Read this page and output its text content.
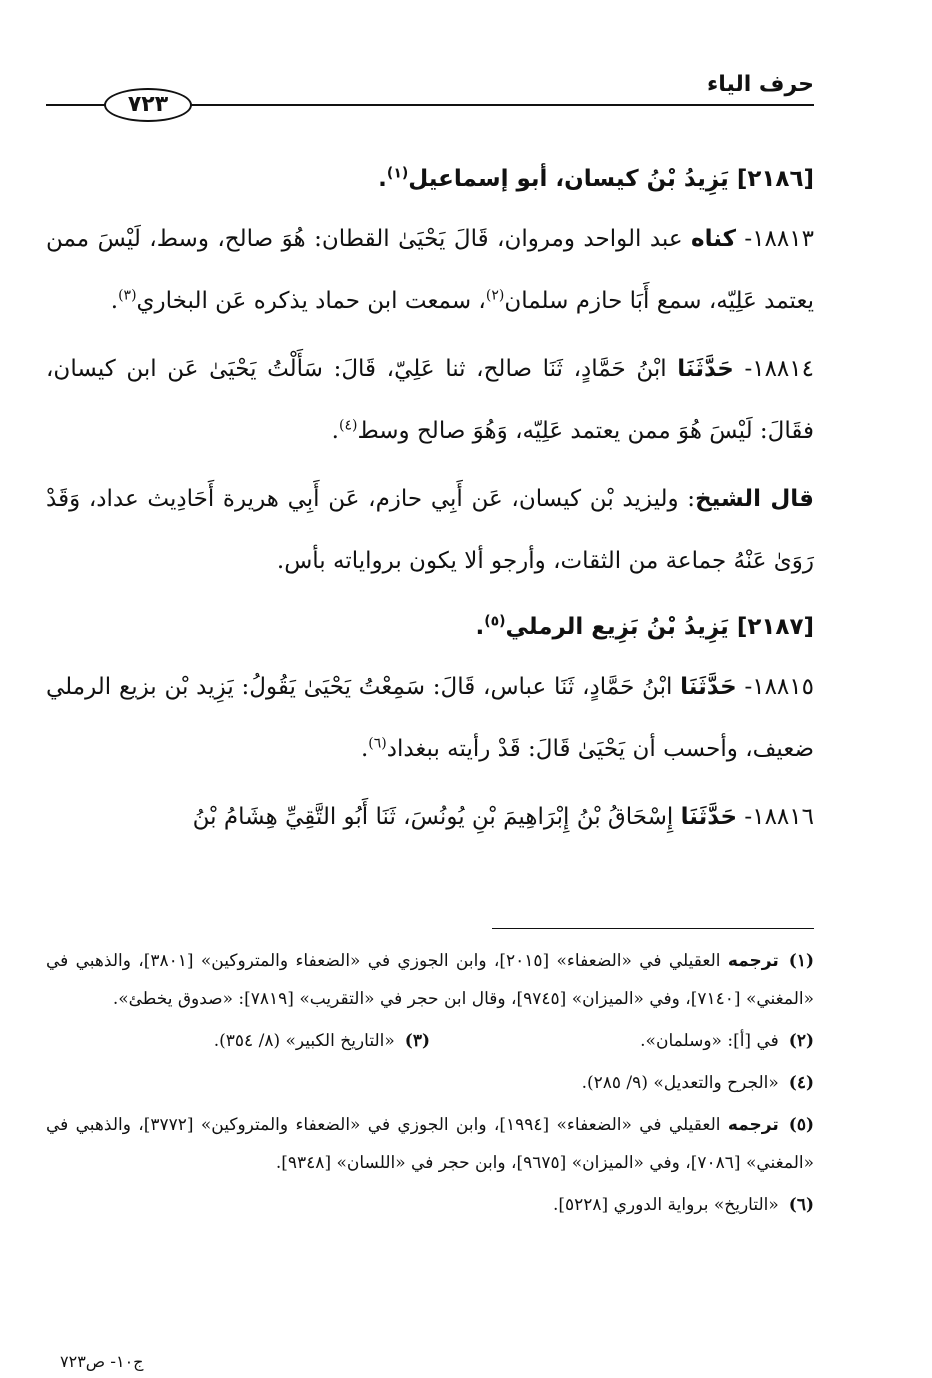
حرف الياء
٧٢٣

[٢١٨٦] يَزِيدُ بْنُ كيسان، أبو إسماعيل$^{(١)}$.

١٨٨١٣- كناه عبد الواحد ومروان، قَالَ يَحْيَىٰ القطان: هُوَ صالح، وسط، لَيْسَ ممن يعتمد عَلِيّه، سمع أَبَا حازم سلمان$^{(٢)}$، سمعت ابن حماد يذكره عَن البخاري$^{(٣)}$.

١٨٨١٤- حَدَّثَنَا ابْنُ حَمَّادٍ، ثَنَا صالح، ثنا عَلِيّ، قَالَ: سَأَلْتُ يَحْيَىٰ عَن ابن كيسان، فقَالَ: لَيْسَ هُوَ ممن يعتمد عَلِيّه، وَهُوَ صالح وسط$^{(٤)}$.

قال الشيخ: وليزيد بْن كيسان، عَن أَبِي حازم، عَن أَبِي هريرة أَحَادِيث عداد، وَقَدْ رَوَىٰ عَنْهُ جماعة من الثقات، وأرجو ألا يكون برواياته بأس.

[٢١٨٧] يَزِيدُ بْنُ بَزِيع الرملي$^{(٥)}$.

١٨٨١٥- حَدَّثَنَا ابْنُ حَمَّادٍ، ثَنَا عباس، قَالَ: سَمِعْتُ يَحْيَىٰ يَقُولُ: يَزِيد بْن بزيع الرملي ضعيف، وأحسب أن يَحْيَىٰ قَالَ: قَدْ رأيته ببغداد$^{(٦)}$.

١٨٨١٦- حَدَّثَنَا إِسْحَاقُ بْنُ إِبْرَاهِيمَ بْنِ يُونُسَ، ثَنَا أَبُو التَّقِيِّ هِشَامُ بْنُ

(١)ترجمه العقيلي في «الضعفاء» [٢٠١٥]، وابن الجوزي في «الضعفاء والمتروكين» [٣٨٠١]، والذهبي في «المغني» [٧١٤٠]، وفي «الميزان» [٩٧٤٥]، وقال ابن حجر في «التقريب» [٧٨١٩]: «صدوق يخطئ».

(٢)في [أ]: «وسلمان».

(٣)«التاريخ الكبير» (٨/ ٣٥٤).

(٤)«الجرح والتعديل» (٩/ ٢٨٥).

(٥)ترجمه العقيلي في «الضعفاء» [١٩٩٤]، وابن الجوزي في «الضعفاء والمتروكين» [٣٧٧٢]، والذهبي في «المغني» [٧٠٨٦]، وفي «الميزان» [٩٦٧٥]، وابن حجر في «اللسان» [٩٣٤٨].

(٦)«التاريخ» برواية الدوري [٥٢٢٨].

ج١٠- ص٧٢٣
